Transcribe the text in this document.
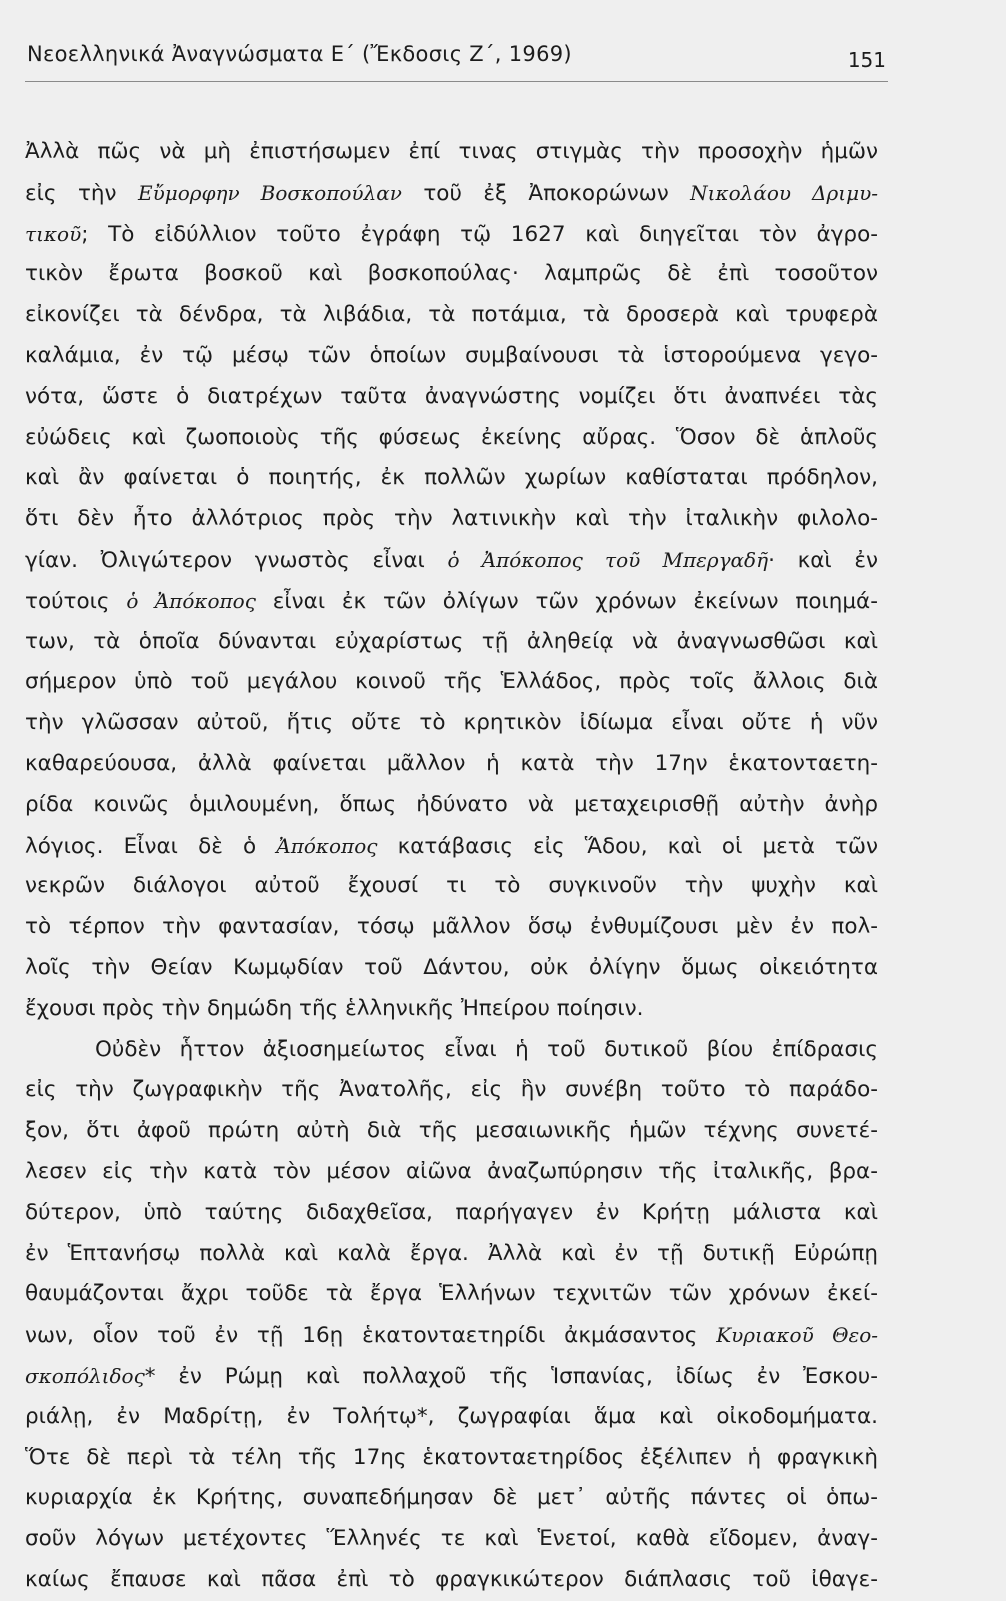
Νεοελληνικά Ἀναγνώσματα Ε΄ (Ἔκδοσις Ζ΄, 1969)	151
Ἀλλὰ πῶς νὰ μὴ ἐπιστήσωμεν ἐπί τινας στιγμὰς τὴν προσοχὴν ἡμῶν
εἰς τὴν Εὔμορφην Βοσκοπούλαν τοῦ ἐξ Ἀποκορώνων Νικολάου Δριμυ-
τικοῦ; Τὸ εἰδύλλιον τοῦτο ἐγράφη τῷ 1627 καὶ διηγεῖται τὸν ἀγρο-
τικὸν ἔρωτα βοσκοῦ καὶ βοσκοπούλας· λαμπρῶς δὲ ἐπὶ τοσοῦτον
εἰκονίζει τὰ δένδρα, τὰ λιβάδια, τὰ ποτάμια, τὰ δροσερὰ καὶ τρυφερὰ
καλάμια, ἐν τῷ μέσῳ τῶν ὁποίων συμβαίνουσι τὰ ἱστορούμενα γεγο-
νότα, ὥστε ὁ διατρέχων ταῦτα ἀναγνώστης νομίζει ὅτι ἀναπνέει τὰς
εὐώδεις καὶ ζωοποιοὺς τῆς φύσεως ἐκείνης αὔρας. Ὅσον δὲ ἁπλοῦς
καὶ ἂν φαίνεται ὁ ποιητής, ἐκ πολλῶν χωρίων καθίσταται πρόδηλον,
ὅτι δὲν ἦτο ἀλλότριος πρὸς τὴν λατινικὴν καὶ τὴν ἰταλικὴν φιλολο-
γίαν. Ὀλιγώτερον γνωστὸς εἶναι ὁ Ἀπόκοπος τοῦ Μπεργαδῆ· καὶ ἐν
τούτοις ὁ Ἀπόκοπος εἶναι ἐκ τῶν ὀλίγων τῶν χρόνων ἐκείνων ποιημά-
των, τὰ ὁποῖα δύνανται εὐχαρίστως τῇ ἀληθείᾳ νὰ ἀναγνωσθῶσι καὶ
σήμερον ὑπὸ τοῦ μεγάλου κοινοῦ τῆς Ἑλλάδος, πρὸς τοῖς ἄλλοις διὰ
τὴν γλῶσσαν αὐτοῦ, ἥτις οὔτε τὸ κρητικὸν ἰδίωμα εἶναι οὔτε ἡ νῦν
καθαρεύουσα, ἀλλὰ φαίνεται μᾶλλον ἡ κατὰ τὴν 17ην ἑκατονταετη-
ρίδα κοινῶς ὁμιλουμένη, ὅπως ἠδύνατο νὰ μεταχειρισθῇ αὐτὴν ἀνὴρ
λόγιος. Εἶναι δὲ ὁ Ἀπόκοπος κατάβασις εἰς Ἅδου, καὶ οἱ μετὰ τῶν
νεκρῶν διάλογοι αὐτοῦ ἔχουσί τι τὸ συγκινοῦν τὴν ψυχὴν καὶ
τὸ τέρπον τὴν φαντασίαν, τόσῳ μᾶλλον ὅσῳ ἐνθυμίζουσι μὲν ἐν πολ-
λοῖς τὴν Θείαν Κωμῳδίαν τοῦ Δάντου, οὐκ ὀλίγην ὅμως οἰκειότητα
ἔχουσι πρὸς τὴν δημώδη τῆς ἑλληνικῆς Ἠπείρου ποίησιν.
Οὐδὲν ἧττον ἀξιοσημείωτος εἶναι ἡ τοῦ δυτικοῦ βίου ἐπίδρασις
εἰς τὴν ζωγραφικὴν τῆς Ἀνατολῆς, εἰς ἣν συνέβη τοῦτο τὸ παράδο-
ξον, ὅτι ἀφοῦ πρώτη αὐτὴ διὰ τῆς μεσαιωνικῆς ἡμῶν τέχνης συνετέ-
λεσεν εἰς τὴν κατὰ τὸν μέσον αἰῶνα ἀναζωπύρησιν τῆς ἰταλικῆς, βρα-
δύτερον, ὑπὸ ταύτης διδαχθεῖσα, παρήγαγεν ἐν Κρήτῃ μάλιστα καὶ
ἐν Ἑπτανήσῳ πολλὰ καὶ καλὰ ἔργα. Ἀλλὰ καὶ ἐν τῇ δυτικῇ Εὐρώπῃ
θαυμάζονται ἄχρι τοῦδε τὰ ἔργα Ἑλλήνων τεχνιτῶν τῶν χρόνων ἐκεί-
νων, οἷον τοῦ ἐν τῇ 16ῃ ἑκατονταετηρίδι ἀκμάσαντος Κυριακοῦ Θεο-
σκοπόλιδος* ἐν Ρώμῃ καὶ πολλαχοῦ τῆς Ἱσπανίας, ἰδίως ἐν Ἐσκου-
ριάλῃ, ἐν Μαδρίτῃ, ἐν Τολήτῳ*, ζωγραφίαι ἅμα καὶ οἰκοδομήματα.
Ὅτε δὲ περὶ τὰ τέλη τῆς 17ης ἑκατονταετηρίδος ἐξέλιπεν ἡ φραγκικὴ
κυριαρχία ἐκ Κρήτης, συναπεδήμησαν δὲ μετ᾽ αὐτῆς πάντες οἱ ὁπω-
σοῦν λόγων μετέχοντες Ἕλληνές τε καὶ Ἑνετοί, καθὰ εἴδομεν, ἀναγ-
καίως ἔπαυσε καὶ πᾶσα ἐπὶ τὸ φραγκικώτερον διάπλασις τοῦ ἰθαγε-
